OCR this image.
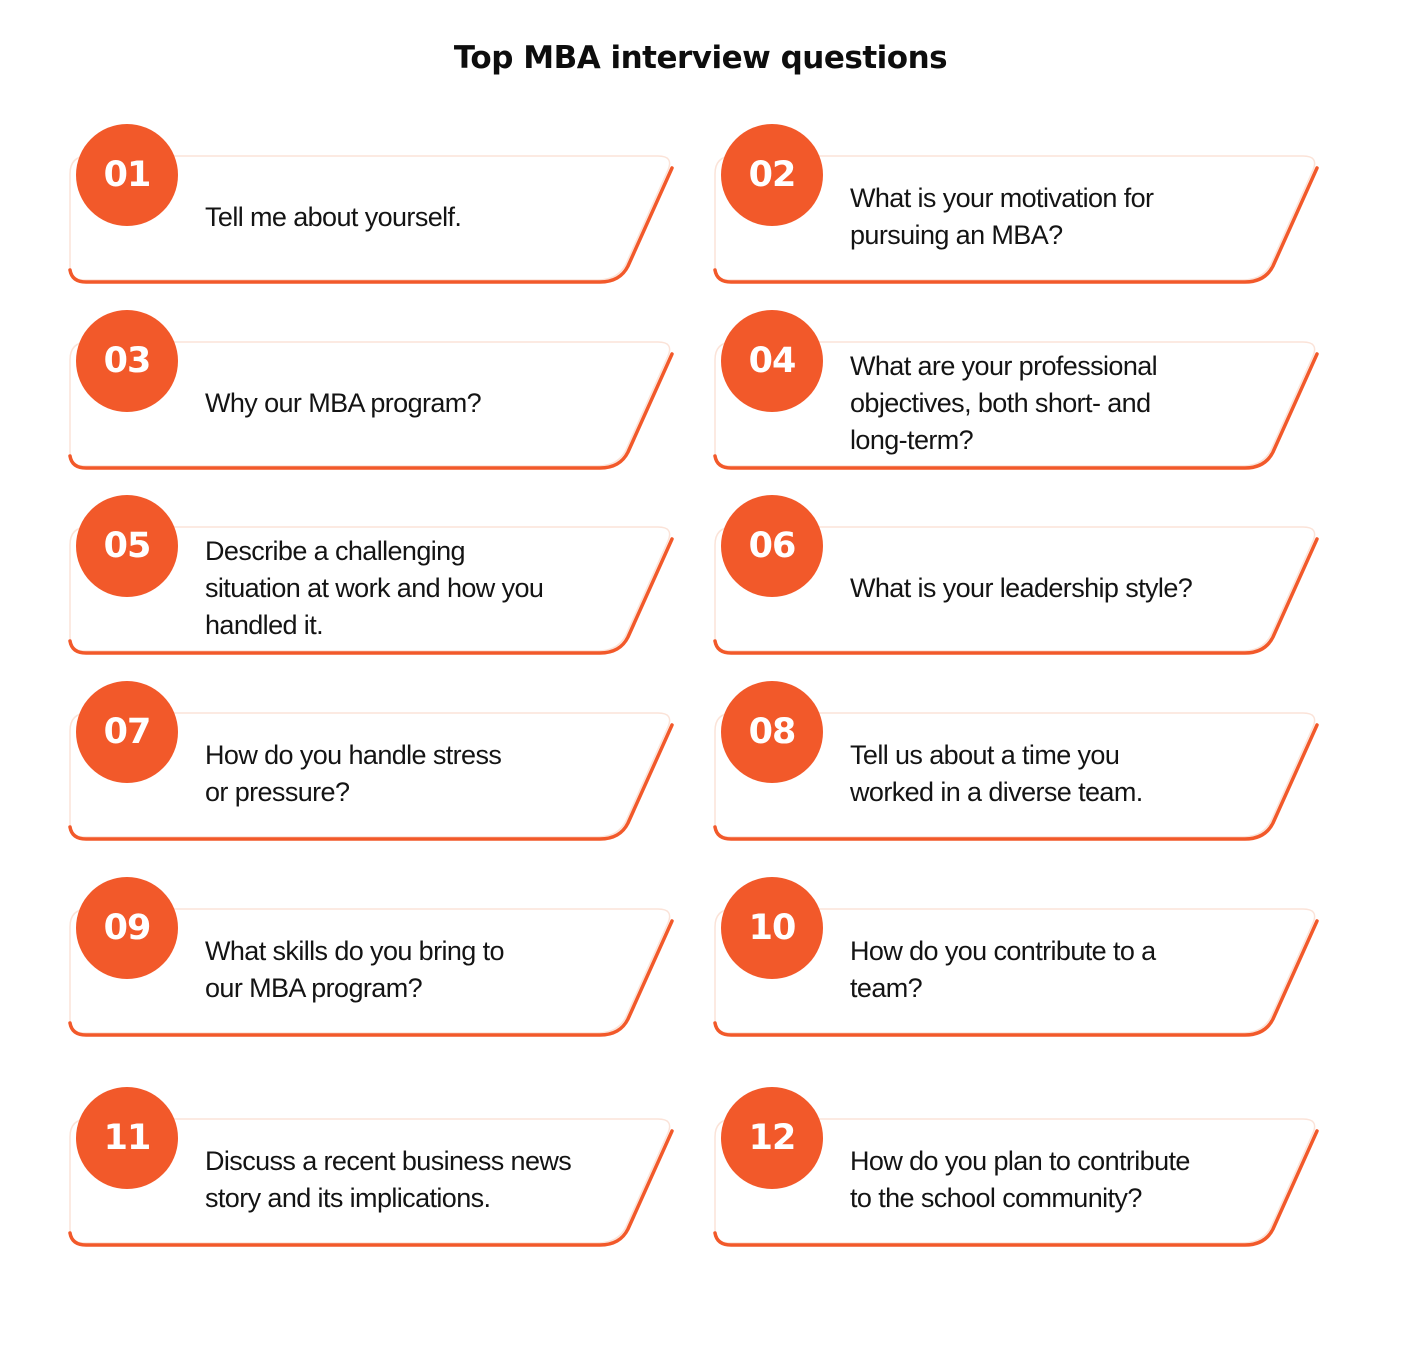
Top MBA interview questions
01
Tell me about yourself.
02
What is your motivation for
pursuing an MBA?
03
Why our MBA program?
04	What are your professional
objectives, both short- and
long-term?
05	Describe a challenging
situation at work and how you
handled it.
06
What is your leadership style?
07
How do you handle stress
or pressure?
08
Tell us about a time you
worked in a diverse team.
09
What skills do you bring to
our MBA program?
10
How do you contribute to a
team?
11
Discuss a recent business news
story and its implications.
12
How do you plan to contribute
to the school community?
